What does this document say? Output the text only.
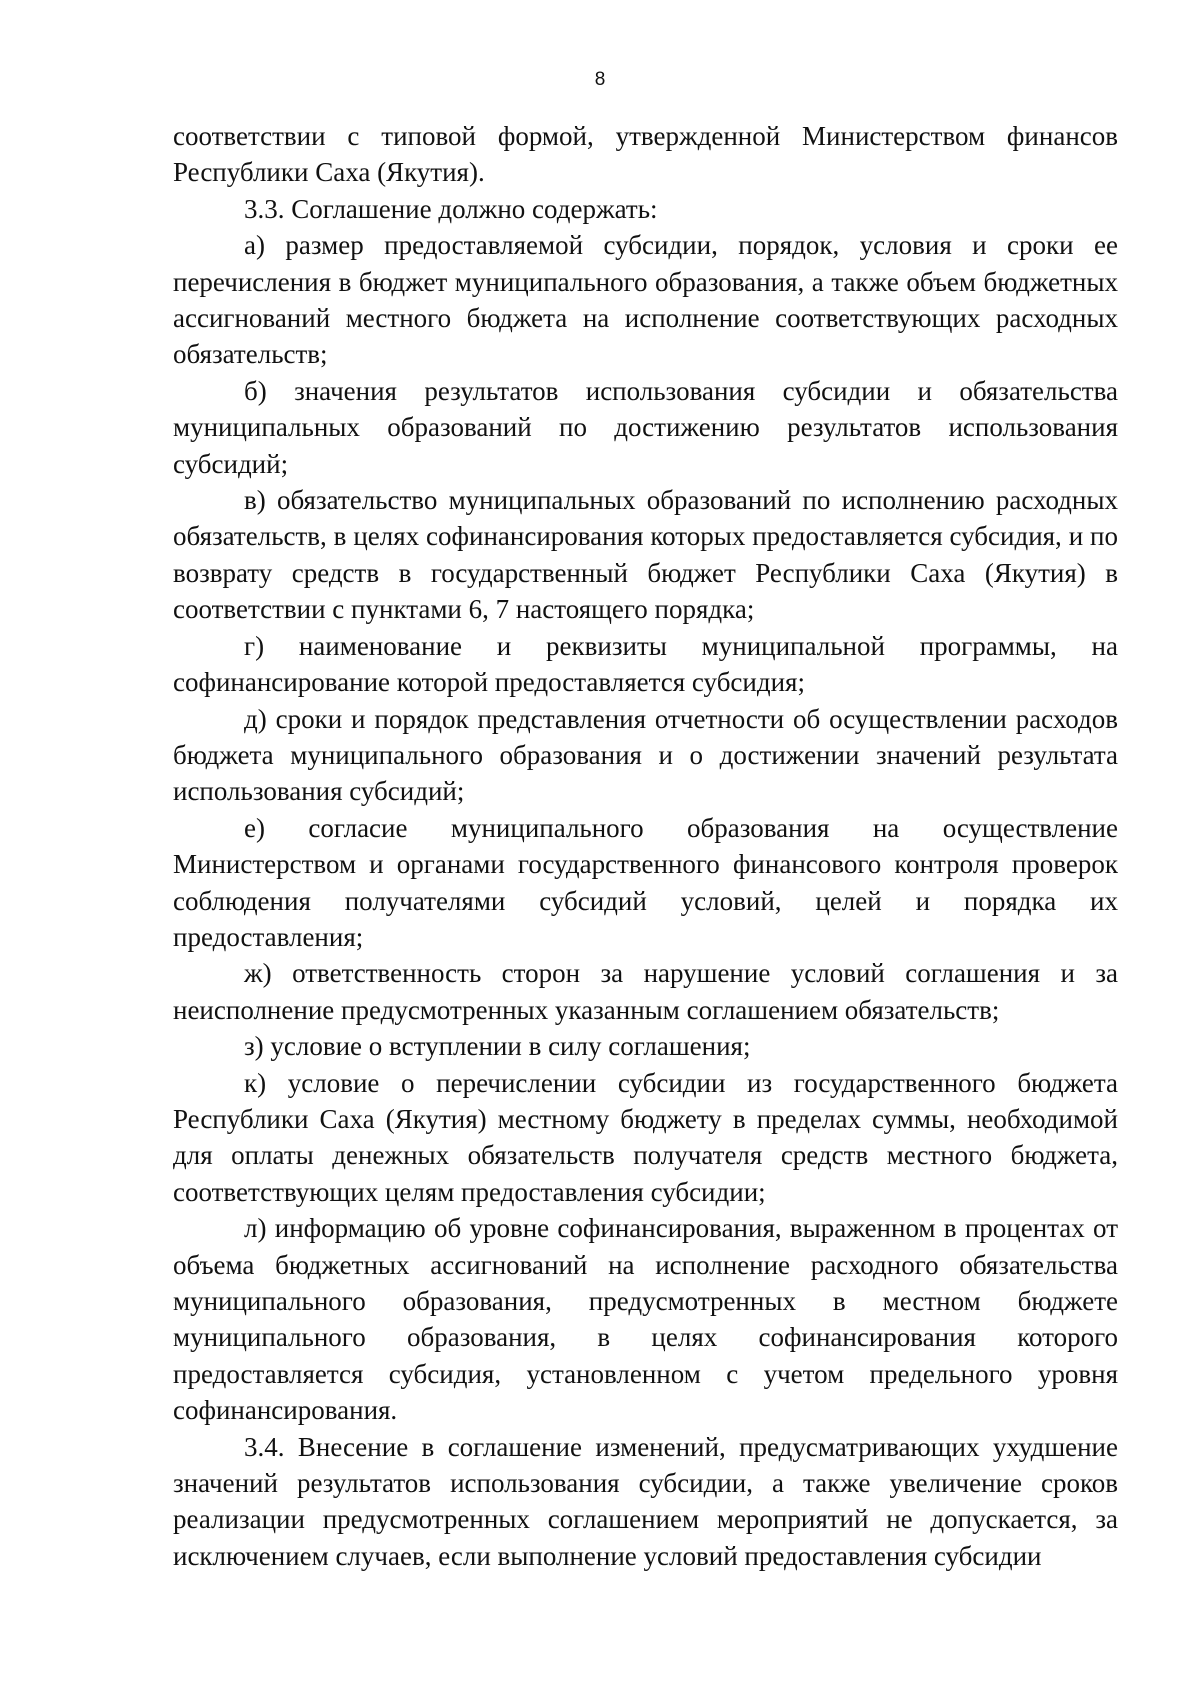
8

соответствии с типовой формой, утвержденной Министерством финансов Республики Саха (Якутия).

3.3. Соглашение должно содержать:

а) размер предоставляемой субсидии, порядок, условия и сроки ее перечисления в бюджет муниципального образования, а также объем бюджетных ассигнований местного бюджета на исполнение соответствующих расходных обязательств;

б) значения результатов использования субсидии и обязательства муниципальных образований по достижению результатов использования субсидий;

в) обязательство муниципальных образований по исполнению расходных обязательств, в целях софинансирования которых предоставляется субсидия, и по возврату средств в государственный бюджет Республики Саха (Якутия) в соответствии с пунктами 6, 7 настоящего порядка;

г) наименование и реквизиты муниципальной программы, на софинансирование которой предоставляется субсидия;

д) сроки и порядок представления отчетности об осуществлении расходов бюджета муниципального образования и о достижении значений результата использования субсидий;

е) согласие муниципального образования на осуществление Министерством и органами государственного финансового контроля проверок соблюдения получателями субсидий условий, целей и порядка их предоставления;

ж) ответственность сторон за нарушение условий соглашения и за неисполнение предусмотренных указанным соглашением обязательств;

з) условие о вступлении в силу соглашения;

к) условие о перечислении субсидии из государственного бюджета Республики Саха (Якутия) местному бюджету в пределах суммы, необходимой для оплаты денежных обязательств получателя средств местного бюджета, соответствующих целям предоставления субсидии;

л) информацию об уровне софинансирования, выраженном в процентах от объема бюджетных ассигнований на исполнение расходного обязательства муниципального образования, предусмотренных в местном бюджете муниципального образования, в целях софинансирования которого предоставляется субсидия, установленном с учетом предельного уровня софинансирования.

3.4. Внесение в соглашение изменений, предусматривающих ухудшение значений результатов использования субсидии, а также увеличение сроков реализации предусмотренных соглашением мероприятий не допускается, за исключением случаев, если выполнение условий предоставления субсидии
